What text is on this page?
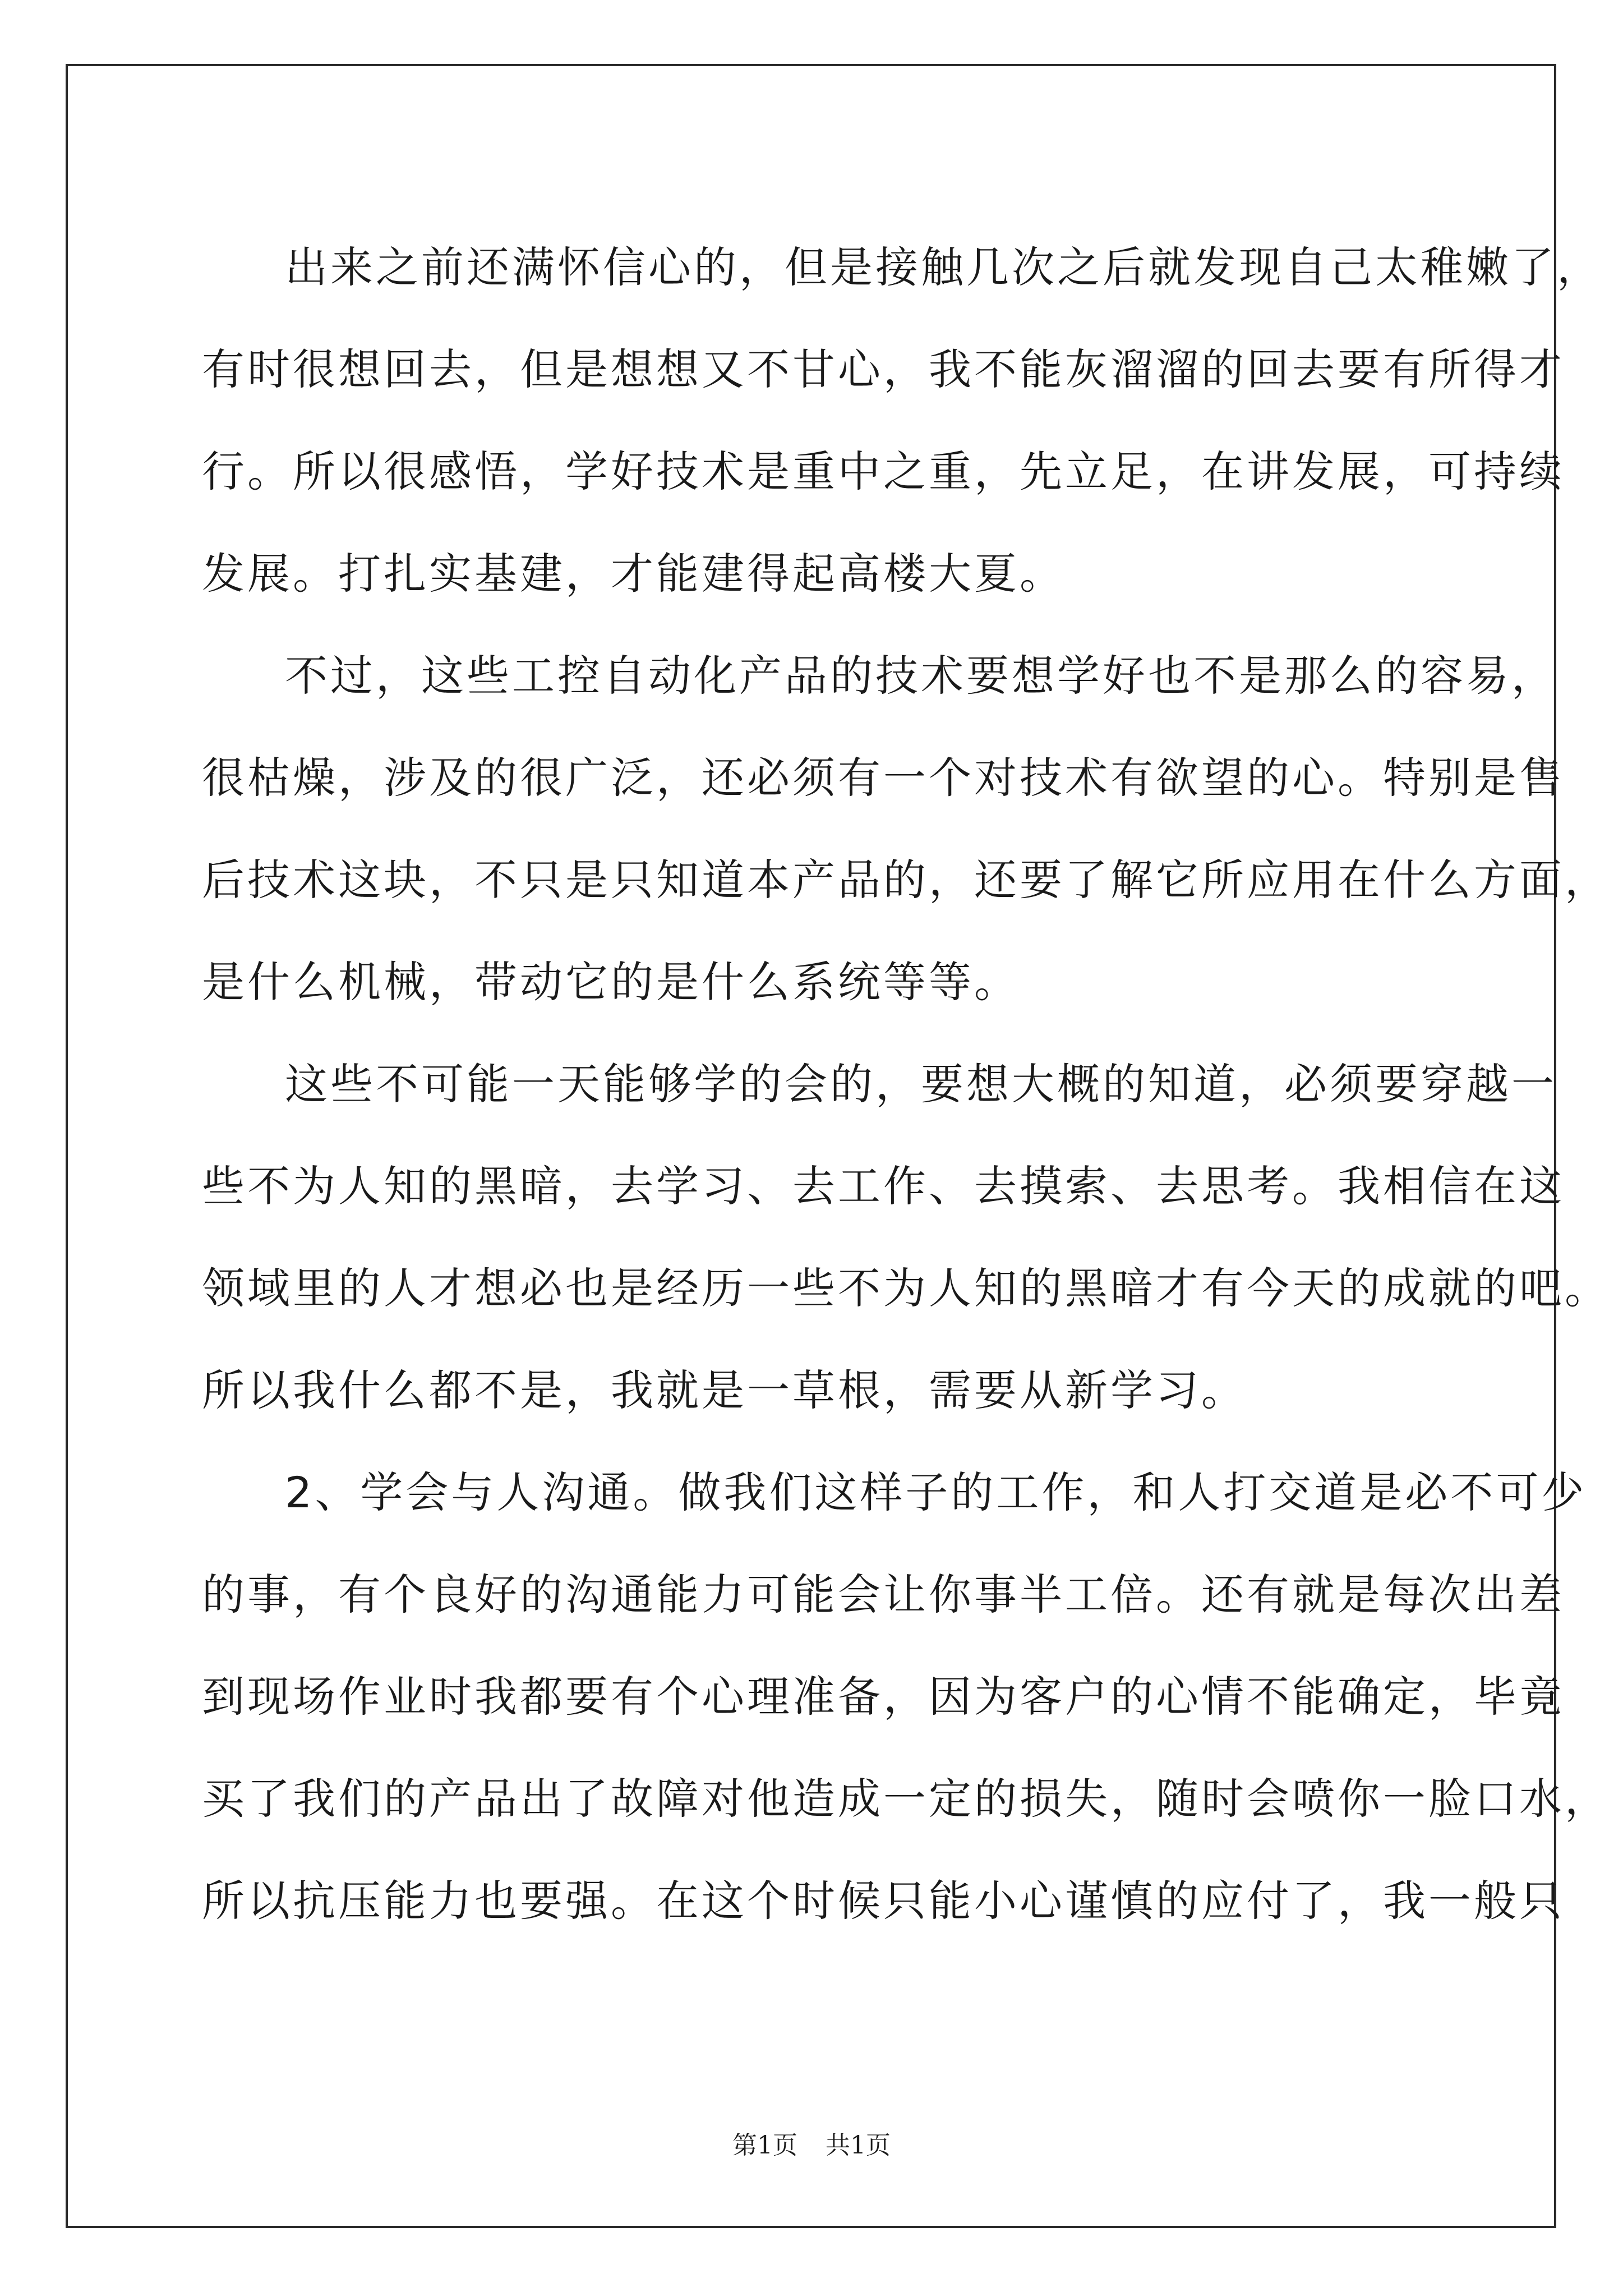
出来之前还满怀信心的，但是接触几次之后就发现自己太稚嫩了，
有时很想回去，但是想想又不甘心，我不能灰溜溜的回去要有所得才
行。所以很感悟，学好技术是重中之重，先立足，在讲发展，可持续
发展。打扎实基建，才能建得起高楼大夏。
不过，这些工控自动化产品的技术要想学好也不是那么的容易，
很枯燥，涉及的很广泛，还必须有一个对技术有欲望的心。特别是售
后技术这块，不只是只知道本产品的，还要了解它所应用在什么方面，
是什么机械，带动它的是什么系统等等。
这些不可能一天能够学的会的，要想大概的知道，必须要穿越一
些不为人知的黑暗，去学习、去工作、去摸索、去思考。我相信在这
领域里的人才想必也是经历一些不为人知的黑暗才有今天的成就的吧。
所以我什么都不是，我就是一草根，需要从新学习。
2、学会与人沟通。做我们这样子的工作，和人打交道是必不可少
的事，有个良好的沟通能力可能会让你事半工倍。还有就是每次出差
到现场作业时我都要有个心理准备，因为客户的心情不能确定，毕竟
买了我们的产品出了故障对他造成一定的损失，随时会喷你一脸口水，
所以抗压能力也要强。在这个时候只能小心谨慎的应付了，我一般只
第1页 共1页
